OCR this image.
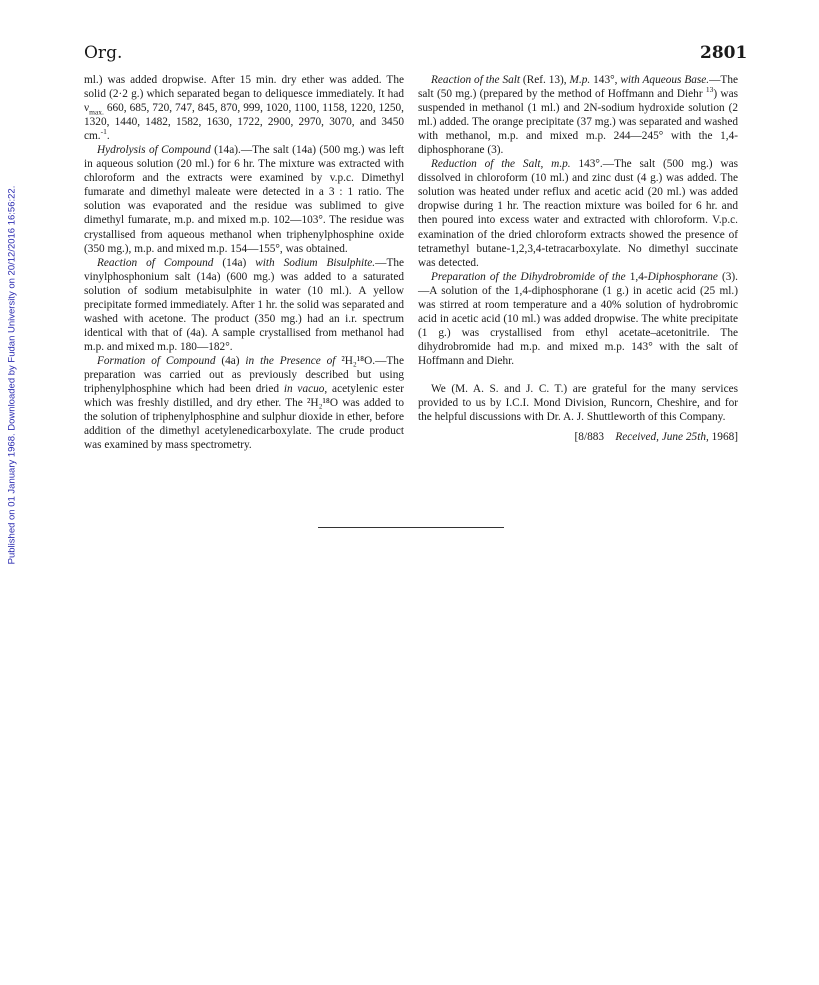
Published on 01 January 1968. Downloaded by Fudan University on 20/12/2016 16:56:22.
Org.	2801

ml.) was added dropwise. After 15 min. dry ether was added. The solid (2·2 g.) which separated began to deliquesce immediately. It had $\nu_{max.}$ 660, 685, 720, 747, 845, 870, 999, 1020, 1100, 1158, 1220, 1250, 1320, 1440, 1482, 1582, 1630, 1722, 2900, 2970, 3070, and 3450 cm.$^{-1}$.

Hydrolysis of Compound (14a).—The salt (14a) (500 mg.) was left in aqueous solution (20 ml.) for 6 hr. The mixture was extracted with chloroform and the extracts were examined by v.p.c. Dimethyl fumarate and dimethyl maleate were detected in a 3 : 1 ratio. The solution was evaporated and the residue was sublimed to give dimethyl fumarate, m.p. and mixed m.p. 102—103°. The residue was crystallised from aqueous methanol when triphenylphosphine oxide (350 mg.), m.p. and mixed m.p. 154—155°, was obtained.

Reaction of Compound (14a) with Sodium Bisulphite.—The vinylphosphonium salt (14a) (600 mg.) was added to a saturated solution of sodium metabisulphite in water (10 ml.). A yellow precipitate formed immediately. After 1 hr. the solid was separated and washed with acetone. The product (350 mg.) had an i.r. spectrum identical with that of (4a). A sample crystallised from methanol had m.p. and mixed m.p. 180—182°.

Formation of Compound (4a) in the Presence of ²H₂¹⁸O.—The preparation was carried out as previously described but using triphenylphosphine which had been dried in vacuo, acetylenic ester which was freshly distilled, and dry ether. The ²H₂¹⁸O was added to the solution of triphenylphosphine and sulphur dioxide in ether, before addition of the dimethyl acetylenedicarboxylate. The crude product was examined by mass spectrometry.

Reaction of the Salt (Ref. 13), M.p. 143°, with Aqueous Base.—The salt (50 mg.) (prepared by the method of Hoffmann and Diehr $^{13}$) was suspended in methanol (1 ml.) and 2N-sodium hydroxide solution (2 ml.) added. The orange precipitate (37 mg.) was separated and washed with methanol, m.p. and mixed m.p. 244—245° with the 1,4-diphosphorane (3).

Reduction of the Salt, m.p. 143°.—The salt (500 mg.) was dissolved in chloroform (10 ml.) and zinc dust (4 g.) was added. The solution was heated under reflux and acetic acid (20 ml.) was added dropwise during 1 hr. The reaction mixture was boiled for 6 hr. and then poured into excess water and extracted with chloroform. V.p.c. examination of the dried chloroform extracts showed the presence of tetramethyl butane-1,2,3,4-tetracarboxylate. No dimethyl succinate was detected.

Preparation of the Dihydrobromide of the 1,4-Diphosphorane (3).—A solution of the 1,4-diphosphorane (1 g.) in acetic acid (25 ml.) was stirred at room temperature and a 40% solution of hydrobromic acid in acetic acid (10 ml.) was added dropwise. The white precipitate (1 g.) was crystallised from ethyl acetate–acetonitrile. The dihydrobromide had m.p. and mixed m.p. 143° with the salt of Hoffmann and Diehr.

We (M. A. S. and J. C. T.) are grateful for the many services provided to us by I.C.I. Mond Division, Runcorn, Cheshire, and for the helpful discussions with Dr. A. J. Shuttleworth of this Company.

[8/883 Received, June 25th, 1968]
